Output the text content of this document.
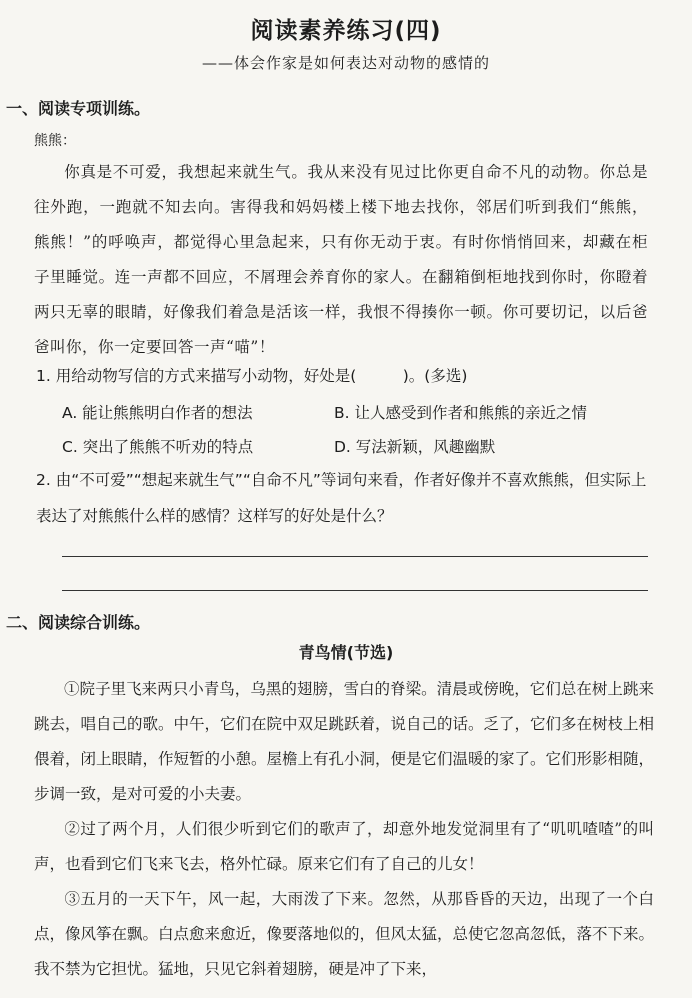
阅读素养练习(四)
——体会作家是如何表达对动物的感情的
一、阅读专项训练。
熊熊：
你真是不可爱，我想起来就生气。我从来没有见过比你更自命不凡的动物。你总是往外跑，一跑就不知去向。害得我和妈妈楼上楼下地去找你，邻居们听到我们“熊熊，熊熊！”的呼唤声，都觉得心里急起来，只有你无动于衷。有时你悄悄回来，却藏在柜子里睡觉。连一声都不回应，不屑理会养育你的家人。在翻箱倒柜地找到你时，你瞪着两只无辜的眼睛，好像我们着急是活该一样，我恨不得揍你一顿。你可要切记，以后爸爸叫你，你一定要回答一声“喵”！
1. 用给动物写信的方式来描写小动物，好处是(　　　)。(多选)
A. 能让熊熊明白作者的想法	B. 让人感受到作者和熊熊的亲近之情
C. 突出了熊熊不听劝的特点	D. 写法新颖，风趣幽默
2. 由“不可爱”“想起来就生气”“自命不凡”等词句来看，作者好像并不喜欢熊熊，但实际上表达了对熊熊什么样的感情？这样写的好处是什么？
二、阅读综合训练。
青鸟情(节选)
①院子里飞来两只小青鸟，乌黑的翅膀，雪白的脊梁。清晨或傍晚，它们总在树上跳来跳去，唱自己的歌。中午，它们在院中双足跳跃着，说自己的话。乏了，它们多在树枝上相偎着，闭上眼睛，作短暂的小憩。屋檐上有孔小洞，便是它们温暖的家了。它们形影相随，步调一致，是对可爱的小夫妻。
②过了两个月，人们很少听到它们的歌声了，却意外地发觉洞里有了“叽叽喳喳”的叫声，也看到它们飞来飞去，格外忙碌。原来它们有了自己的儿女！
③五月的一天下午，风一起，大雨泼了下来。忽然，从那昏昏的天边，出现了一个白点，像风筝在飘。白点愈来愈近，像要落地似的，但风太猛，总使它忽高忽低，落不下来。我不禁为它担忧。猛地，只见它斜着翅膀，硬是冲了下来，
